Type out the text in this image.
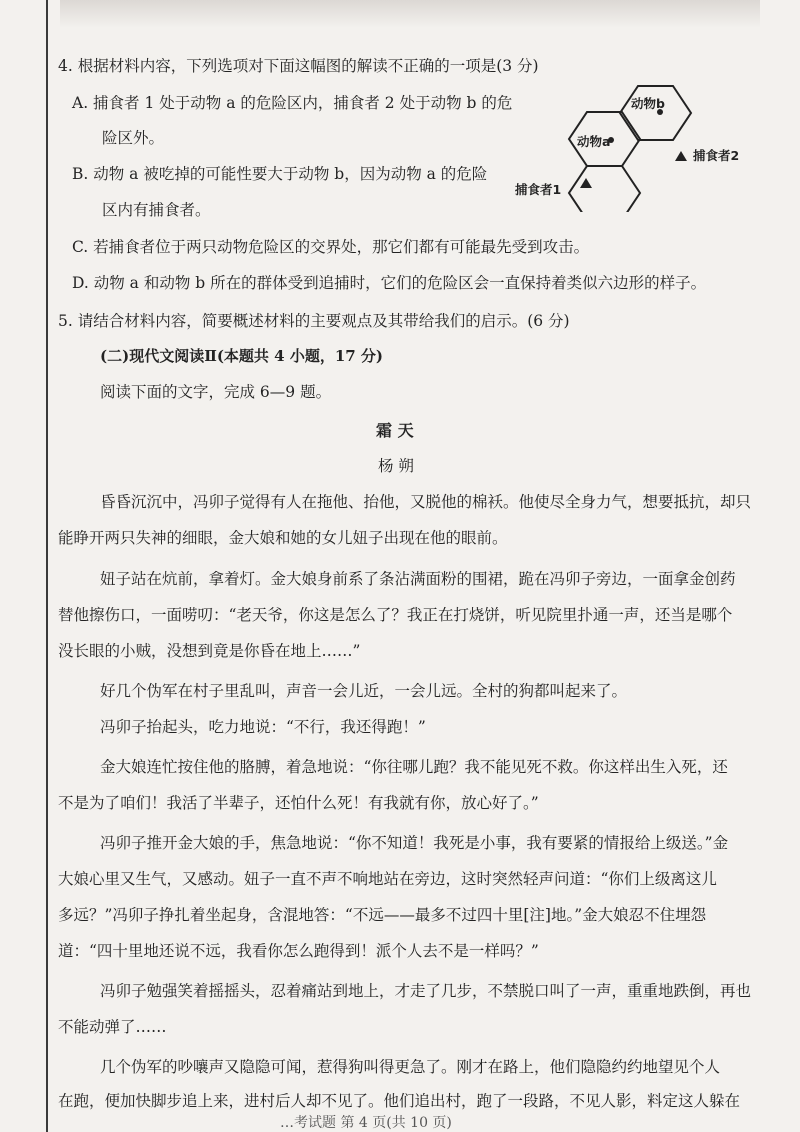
4. 根据材料内容，下列选项对下面这幅图的解读不正确的一项是(3 分)
A. 捕食者 1 处于动物 a 的危险区内，捕食者 2 处于动物 b 的危
险区外。
B. 动物 a 被吃掉的可能性要大于动物 b，因为动物 a 的危险
区内有捕食者。
C. 若捕食者位于两只动物危险区的交界处，那它们都有可能最先受到攻击。
D. 动物 a 和动物 b 所在的群体受到追捕时，它们的危险区会一直保持着类似六边形的样子。
动物a
动物b
捕食者2
捕食者1
5. 请结合材料内容，简要概述材料的主要观点及其带给我们的启示。(6 分)
(二)现代文阅读Ⅱ(本题共 4 小题，17 分)
阅读下面的文字，完成 6—9 题。
霜 天
杨 朔
昏昏沉沉中，冯卯子觉得有人在拖他、抬他，又脱他的棉袄。他使尽全身力气，想要抵抗，却只
能睁开两只失神的细眼，金大娘和她的女儿妞子出现在他的眼前。
妞子站在炕前，拿着灯。金大娘身前系了条沾满面粉的围裙，跪在冯卯子旁边，一面拿金创药
替他擦伤口，一面唠叨：“老天爷，你这是怎么了？我正在打烧饼，听见院里扑通一声，还当是哪个
没长眼的小贼，没想到竟是你昏在地上……”
好几个伪军在村子里乱叫，声音一会儿近，一会儿远。全村的狗都叫起来了。
冯卯子抬起头，吃力地说：“不行，我还得跑！”
金大娘连忙按住他的胳膊，着急地说：“你往哪儿跑？我不能见死不救。你这样出生入死，还
不是为了咱们！我活了半辈子，还怕什么死！有我就有你，放心好了。”
冯卯子推开金大娘的手，焦急地说：“你不知道！我死是小事，我有要紧的情报给上级送。”金
大娘心里又生气，又感动。妞子一直不声不响地站在旁边，这时突然轻声问道：“你们上级离这儿
多远？”冯卯子挣扎着坐起身，含混地答：“不远——最多不过四十里[注]地。”金大娘忍不住埋怨
道：“四十里地还说不远，我看你怎么跑得到！派个人去不是一样吗？”
冯卯子勉强笑着摇摇头，忍着痛站到地上，才走了几步，不禁脱口叫了一声，重重地跌倒，再也
不能动弹了……
几个伪军的吵嚷声又隐隐可闻，惹得狗叫得更急了。刚才在路上，他们隐隐约约地望见个人
在跑，便加快脚步追上来，进村后人却不见了。他们追出村，跑了一段路，不见人影，料定这人躲在
…考试题 第 4 页(共 10 页)
